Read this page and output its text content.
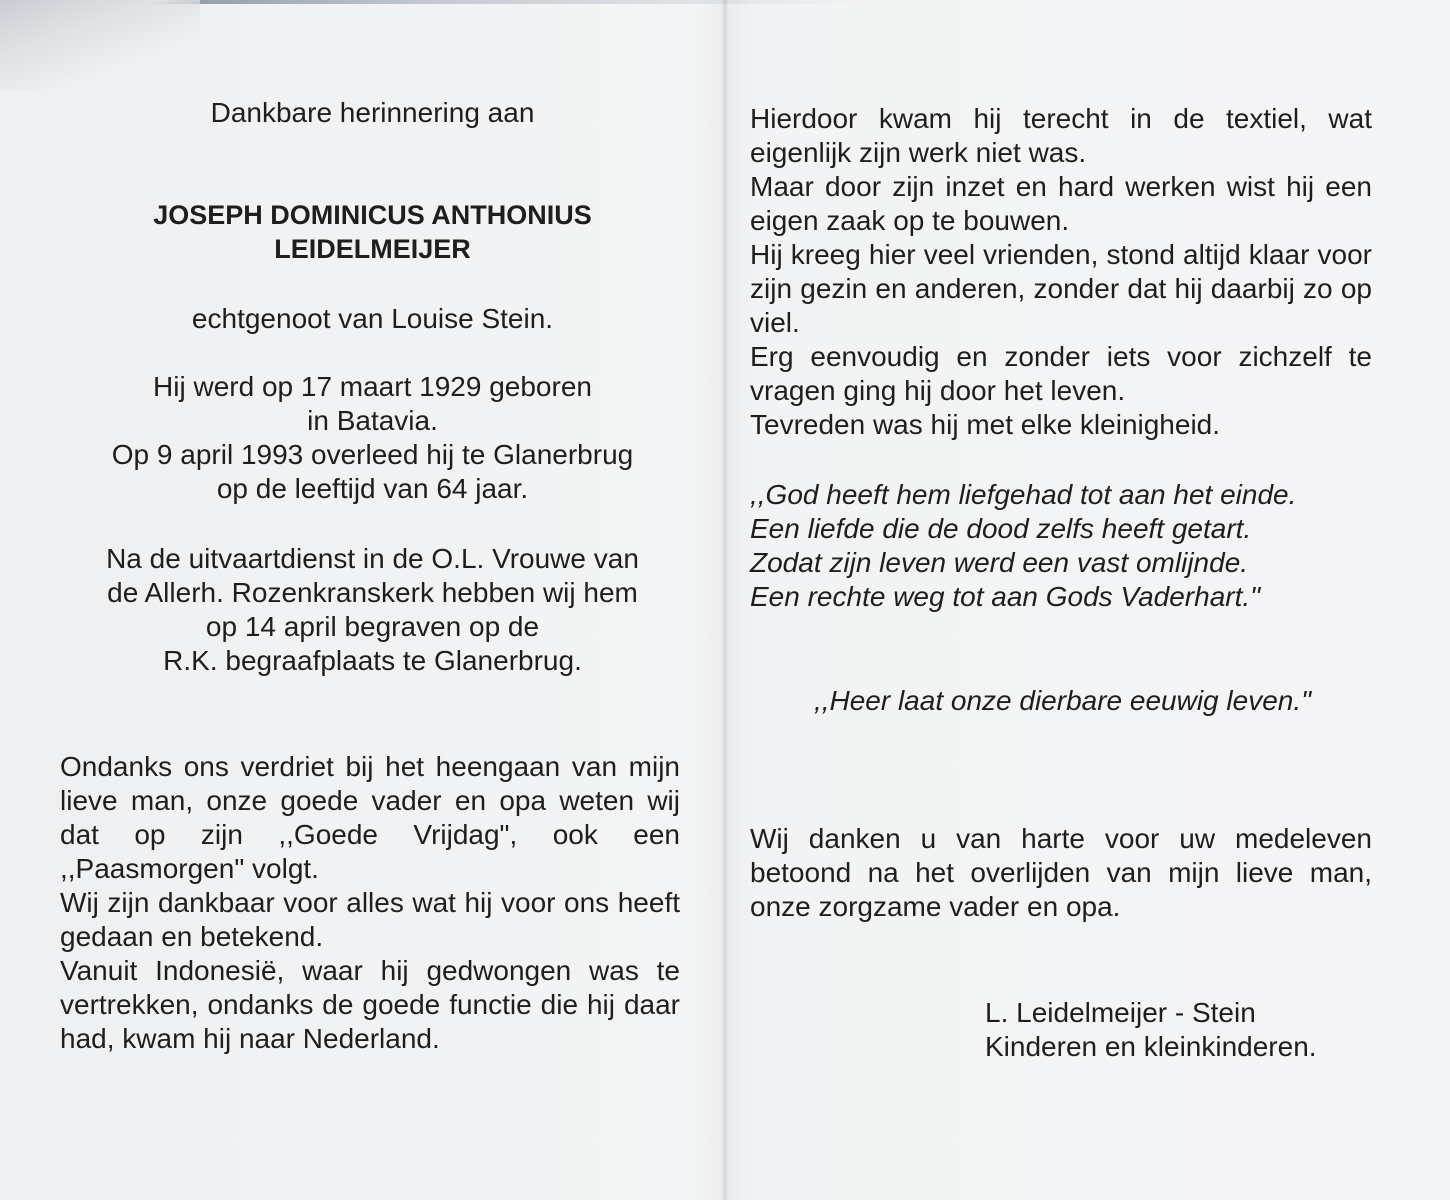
Dankbare herinnering aan

JOSEPH DOMINICUS ANTHONIUS

LEIDELMEIJER

echtgenoot van Louise Stein.

Hij werd op 17 maart 1929 geboren

in Batavia.

Op 9 april 1993 overleed hij te Glanerbrug

op de leeftijd van 64 jaar.

Na de uitvaartdienst in de O.L. Vrouwe van

de Allerh. Rozenkranskerk hebben wij hem

op 14 april begraven op de

R.K. begraafplaats te Glanerbrug.

Ondanks ons verdriet bij het heengaan van mijn lieve man, onze goede vader en opa weten wij dat op zijn ,,Goede Vrijdag", ook een ,,Paasmorgen" volgt.

Wij zijn dankbaar voor alles wat hij voor ons heeft gedaan en betekend.

Vanuit Indonesië, waar hij gedwongen was te vertrekken, ondanks de goede functie die hij daar had, kwam hij naar Nederland.

Hierdoor kwam hij terecht in de textiel, wat eigenlijk zijn werk niet was.

Maar door zijn inzet en hard werken wist hij een eigen zaak op te bouwen.

Hij kreeg hier veel vrienden, stond altijd klaar voor zijn gezin en anderen, zonder dat hij daarbij zo op viel.

Erg eenvoudig en zonder iets voor zichzelf te vragen ging hij door het leven.

Tevreden was hij met elke kleinigheid.

,,God heeft hem liefgehad tot aan het einde.

Een liefde die de dood zelfs heeft getart.

Zodat zijn leven werd een vast omlijnde.

Een rechte weg tot aan Gods Vaderhart."

,,Heer laat onze dierbare eeuwig leven."

Wij danken u van harte voor uw medeleven betoond na het overlijden van mijn lieve man, onze zorgzame vader en opa.

L. Leidelmeijer - Stein

Kinderen en kleinkinderen.
